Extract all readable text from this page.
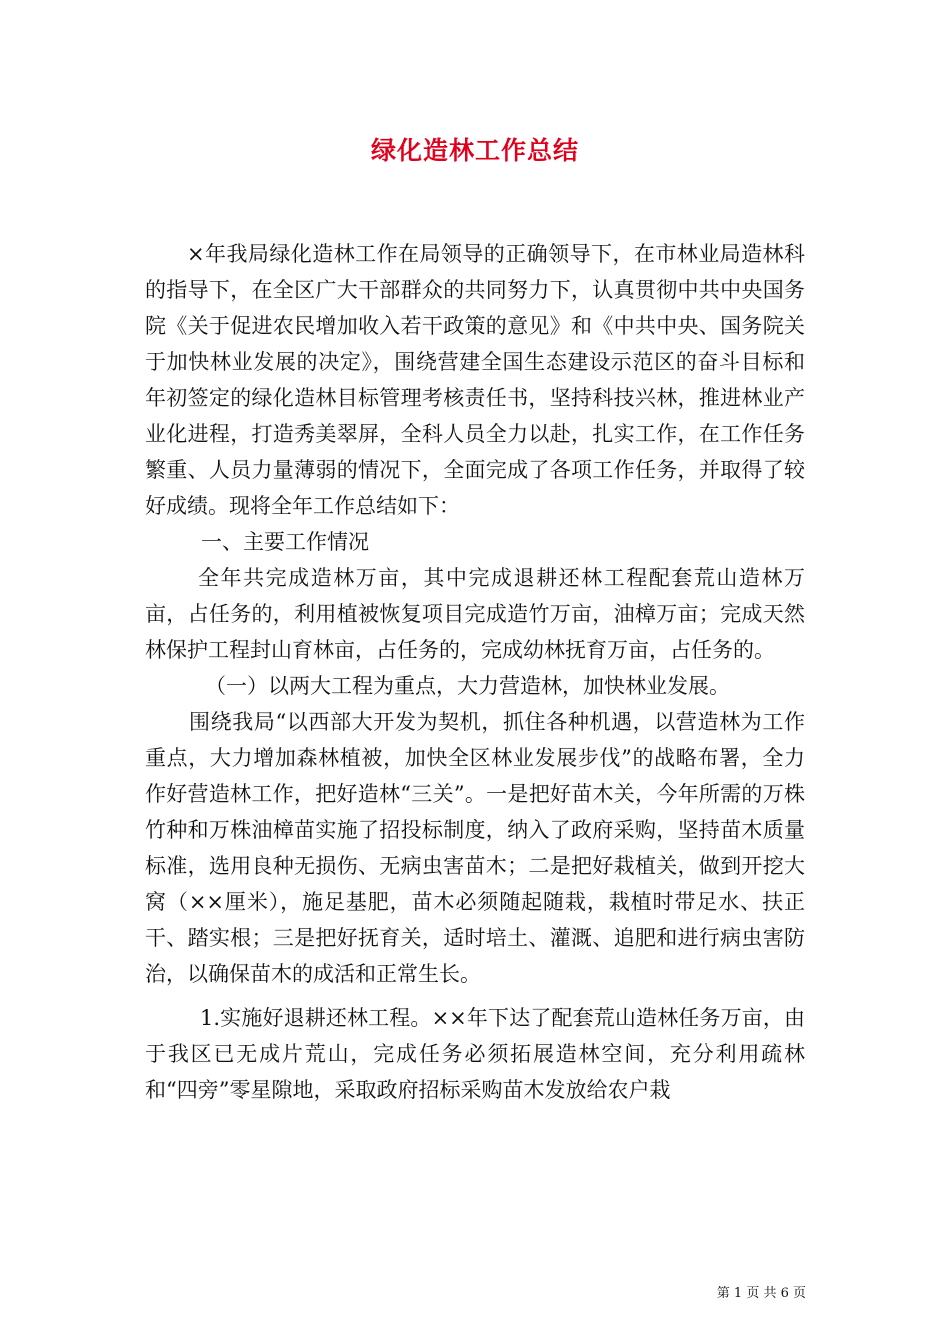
绿化造林工作总结

×年我局绿化造林工作在局领导的正确领导下，在市林业局造林科的指导下，在全区广大干部群众的共同努力下，认真贯彻中共中央国务院《关于促进农民增加收入若干政策的意见》和《中共中央、国务院关于加快林业发展的决定》，围绕营建全国生态建设示范区的奋斗目标和年初签定的绿化造林目标管理考核责任书，坚持科技兴林，推进林业产业化进程，打造秀美翠屏，全科人员全力以赴，扎实工作，在工作任务繁重、人员力量薄弱的情况下，全面完成了各项工作任务，并取得了较好成绩。现将全年工作总结如下：

一、主要工作情况

全年共完成造林万亩，其中完成退耕还林工程配套荒山造林万亩，占任务的，利用植被恢复项目完成造竹万亩，油樟万亩；完成天然林保护工程封山育林亩，占任务的，完成幼林抚育万亩，占任务的。

（一）以两大工程为重点，大力营造林，加快林业发展。

围绕我局“以西部大开发为契机，抓住各种机遇，以营造林为工作重点，大力增加森林植被，加快全区林业发展步伐”的战略布署，全力作好营造林工作，把好造林“三关”。一是把好苗木关，今年所需的万株竹种和万株油樟苗实施了招投标制度，纳入了政府采购，坚持苗木质量标准，选用良种无损伤、无病虫害苗木；二是把好栽植关，做到开挖大窝（××厘米），施足基肥，苗木必须随起随栽，栽植时带足水、扶正干、踏实根；三是把好抚育关，适时培土、灌溉、追肥和进行病虫害防治，以确保苗木的成活和正常生长。

1.实施好退耕还林工程。××年下达了配套荒山造林任务万亩，由于我区已无成片荒山，完成任务必须拓展造林空间，充分利用疏林和“四旁”零星隙地，采取政府招标采购苗木发放给农户栽

第 1 页 共 6 页
